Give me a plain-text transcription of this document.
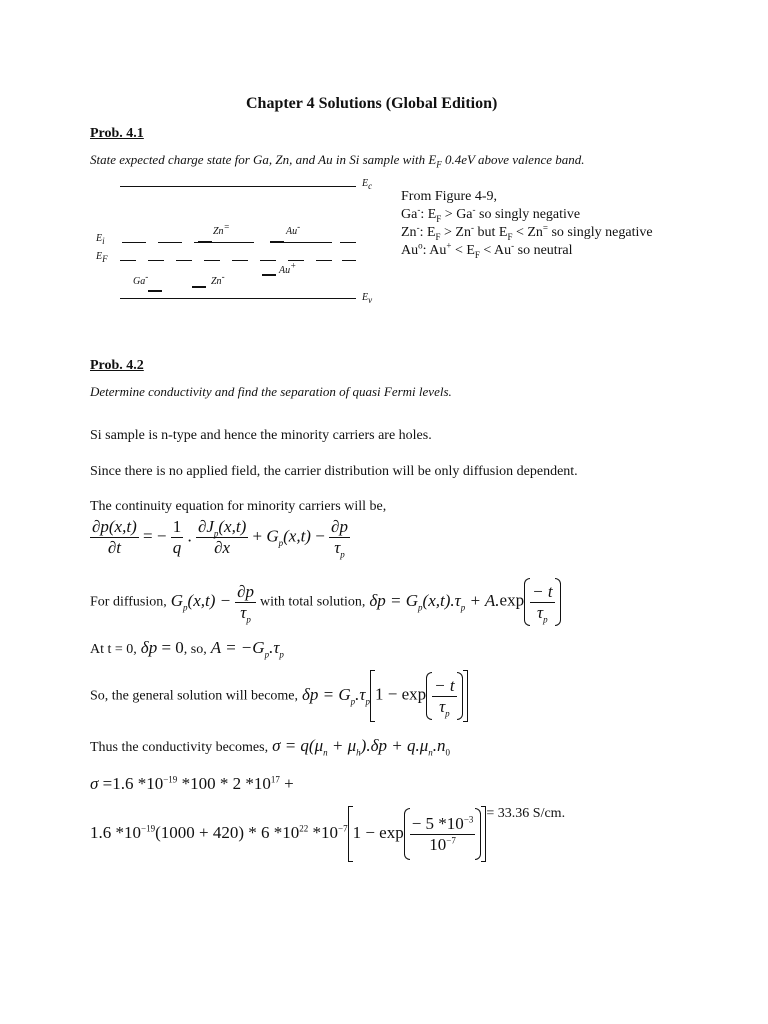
Chapter 4 Solutions (Global Edition)
Prob. 4.1
State expected charge state for Ga, Zn, and Au in Si sample with $E_F$ 0.4eV above valence band.
Ec
Ei
Zn=	Au-
EF
Au+
Ga-	Zn-
Ev
From Figure 4-9,
Ga-: $E_F > Ga^-$ so singly negative
Zn-: $E_F > Zn^-$ but $E_F < Zn^=$ so singly negative
Au$^o$: $Au^+ < E_F < Au^-$ so neutral
Prob. 4.2
Determine conductivity and find the separation of quasi Fermi levels.
Si sample is n-type and hence the minority carriers are holes.
Since there is no applied field, the carrier distribution will be only diffusion dependent.
The continuity equation for minority carriers will be,
$\frac{\partial p(x,t)}{\partial t}$ = − $\frac{1}{q}$ . $\frac{\partial J_p(x,t)}{\partial x} + G_p(x,t) - \frac{\partial p}{\tau_p}$
For diffusion, $G_p(x,t) - \frac{\partial p}{\tau_p}$ with total solution, $\delta p = G_p(x,t).\tau_p + A.\exp \frac{- t}{\tau_p}$
At t = 0, δp = 0, so, $A = -G_p.\tau_p$
So, the general solution will become, $\delta p = G_p.\tau_p$ $1 - \exp \frac{- t}{\tau_p}$
Thus the conductivity becomes, $\sigma = q(\mu_n + \mu_h).\delta p + q.\mu_n.n_0$
σ =1.6 $*10^{-19}$ *100 * 2 $*10^{17}$ +
1.6 $*10^{-19}(1000 + 420) * 6$ $*10^{22}$ $*10^{-7}$ $1 - \exp \frac{- 5 *10^{-3}}{10^{-7}} ^{= 33.36 S/cm.}$
